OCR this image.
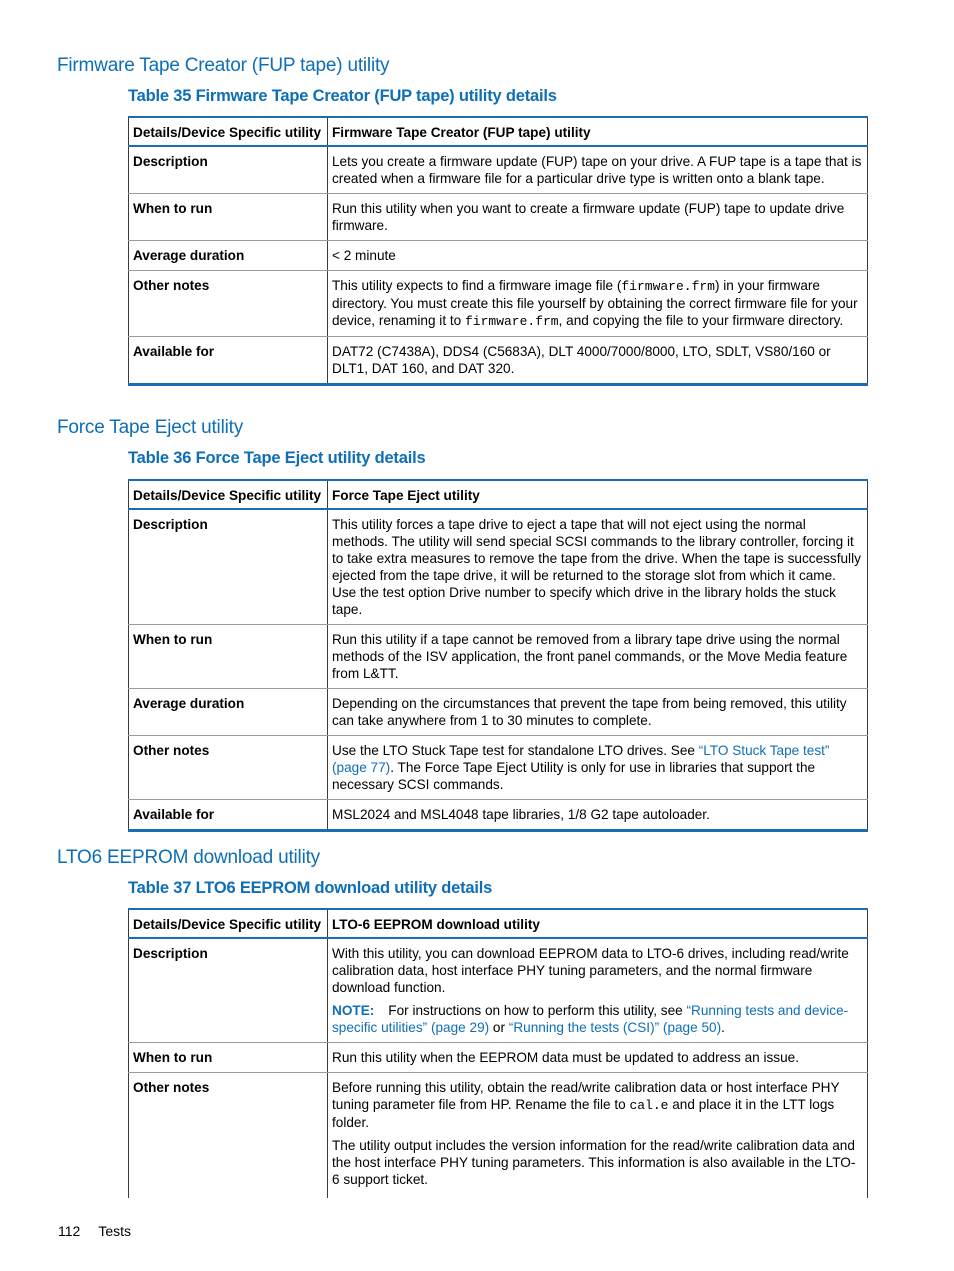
Firmware Tape Creator (FUP tape) utility
Table 35 Firmware Tape Creator (FUP tape) utility details
Details/Device Specific utility	Firmware Tape Creator (FUP tape) utility
Description	Lets you create a firmware update (FUP) tape on your drive. A FUP tape is a tape that is created when a firmware file for a particular drive type is written onto a blank tape.
When to run	Run this utility when you want to create a firmware update (FUP) tape to update drive firmware.
Average duration	< 2 minute
Other notes	This utility expects to find a firmware image file (firmware.frm) in your firmware directory. You must create this file yourself by obtaining the correct firmware file for your device, renaming it to firmware.frm, and copying the file to your firmware directory.
Available for	DAT72 (C7438A), DDS4 (C5683A), DLT 4000/7000/8000, LTO, SDLT, VS80/160 or DLT1, DAT 160, and DAT 320.
Force Tape Eject utility
Table 36 Force Tape Eject utility details
Details/Device Specific utility	Force Tape Eject utility
Description	This utility forces a tape drive to eject a tape that will not eject using the normal methods. The utility will send special SCSI commands to the library controller, forcing it to take extra measures to remove the tape from the drive. When the tape is successfully ejected from the tape drive, it will be returned to the storage slot from which it came. Use the test option Drive number to specify which drive in the library holds the stuck tape.
When to run	Run this utility if a tape cannot be removed from a library tape drive using the normal methods of the ISV application, the front panel commands, or the Move Media feature from L&TT.
Average duration	Depending on the circumstances that prevent the tape from being removed, this utility can take anywhere from 1 to 30 minutes to complete.
Other notes	Use the LTO Stuck Tape test for standalone LTO drives. See “LTO Stuck Tape test” (page 77). The Force Tape Eject Utility is only for use in libraries that support the necessary SCSI commands.
Available for	MSL2024 and MSL4048 tape libraries, 1/8 G2 tape autoloader.
LTO6 EEPROM download utility
Table 37 LTO6 EEPROM download utility details
Details/Device Specific utility	LTO-6 EEPROM download utility
Description	With this utility, you can download EEPROM data to LTO-6 drives, including read/write calibration data, host interface PHY tuning parameters, and the normal firmware download function.
NOTE: For instructions on how to perform this utility, see “Running tests and device-specific utilities” (page 29) or “Running the tests (CSI)” (page 50).

When to run	Run this utility when the EEPROM data must be updated to address an issue.
Other notes	Before running this utility, obtain the read/write calibration data or host interface PHY tuning parameter file from HP. Rename the file to cal.e and place it in the LTT logs folder.
The utility output includes the version information for the read/write calibration data and the host interface PHY tuning parameters. This information is also available in the LTO-6 support ticket.
112 Tests
